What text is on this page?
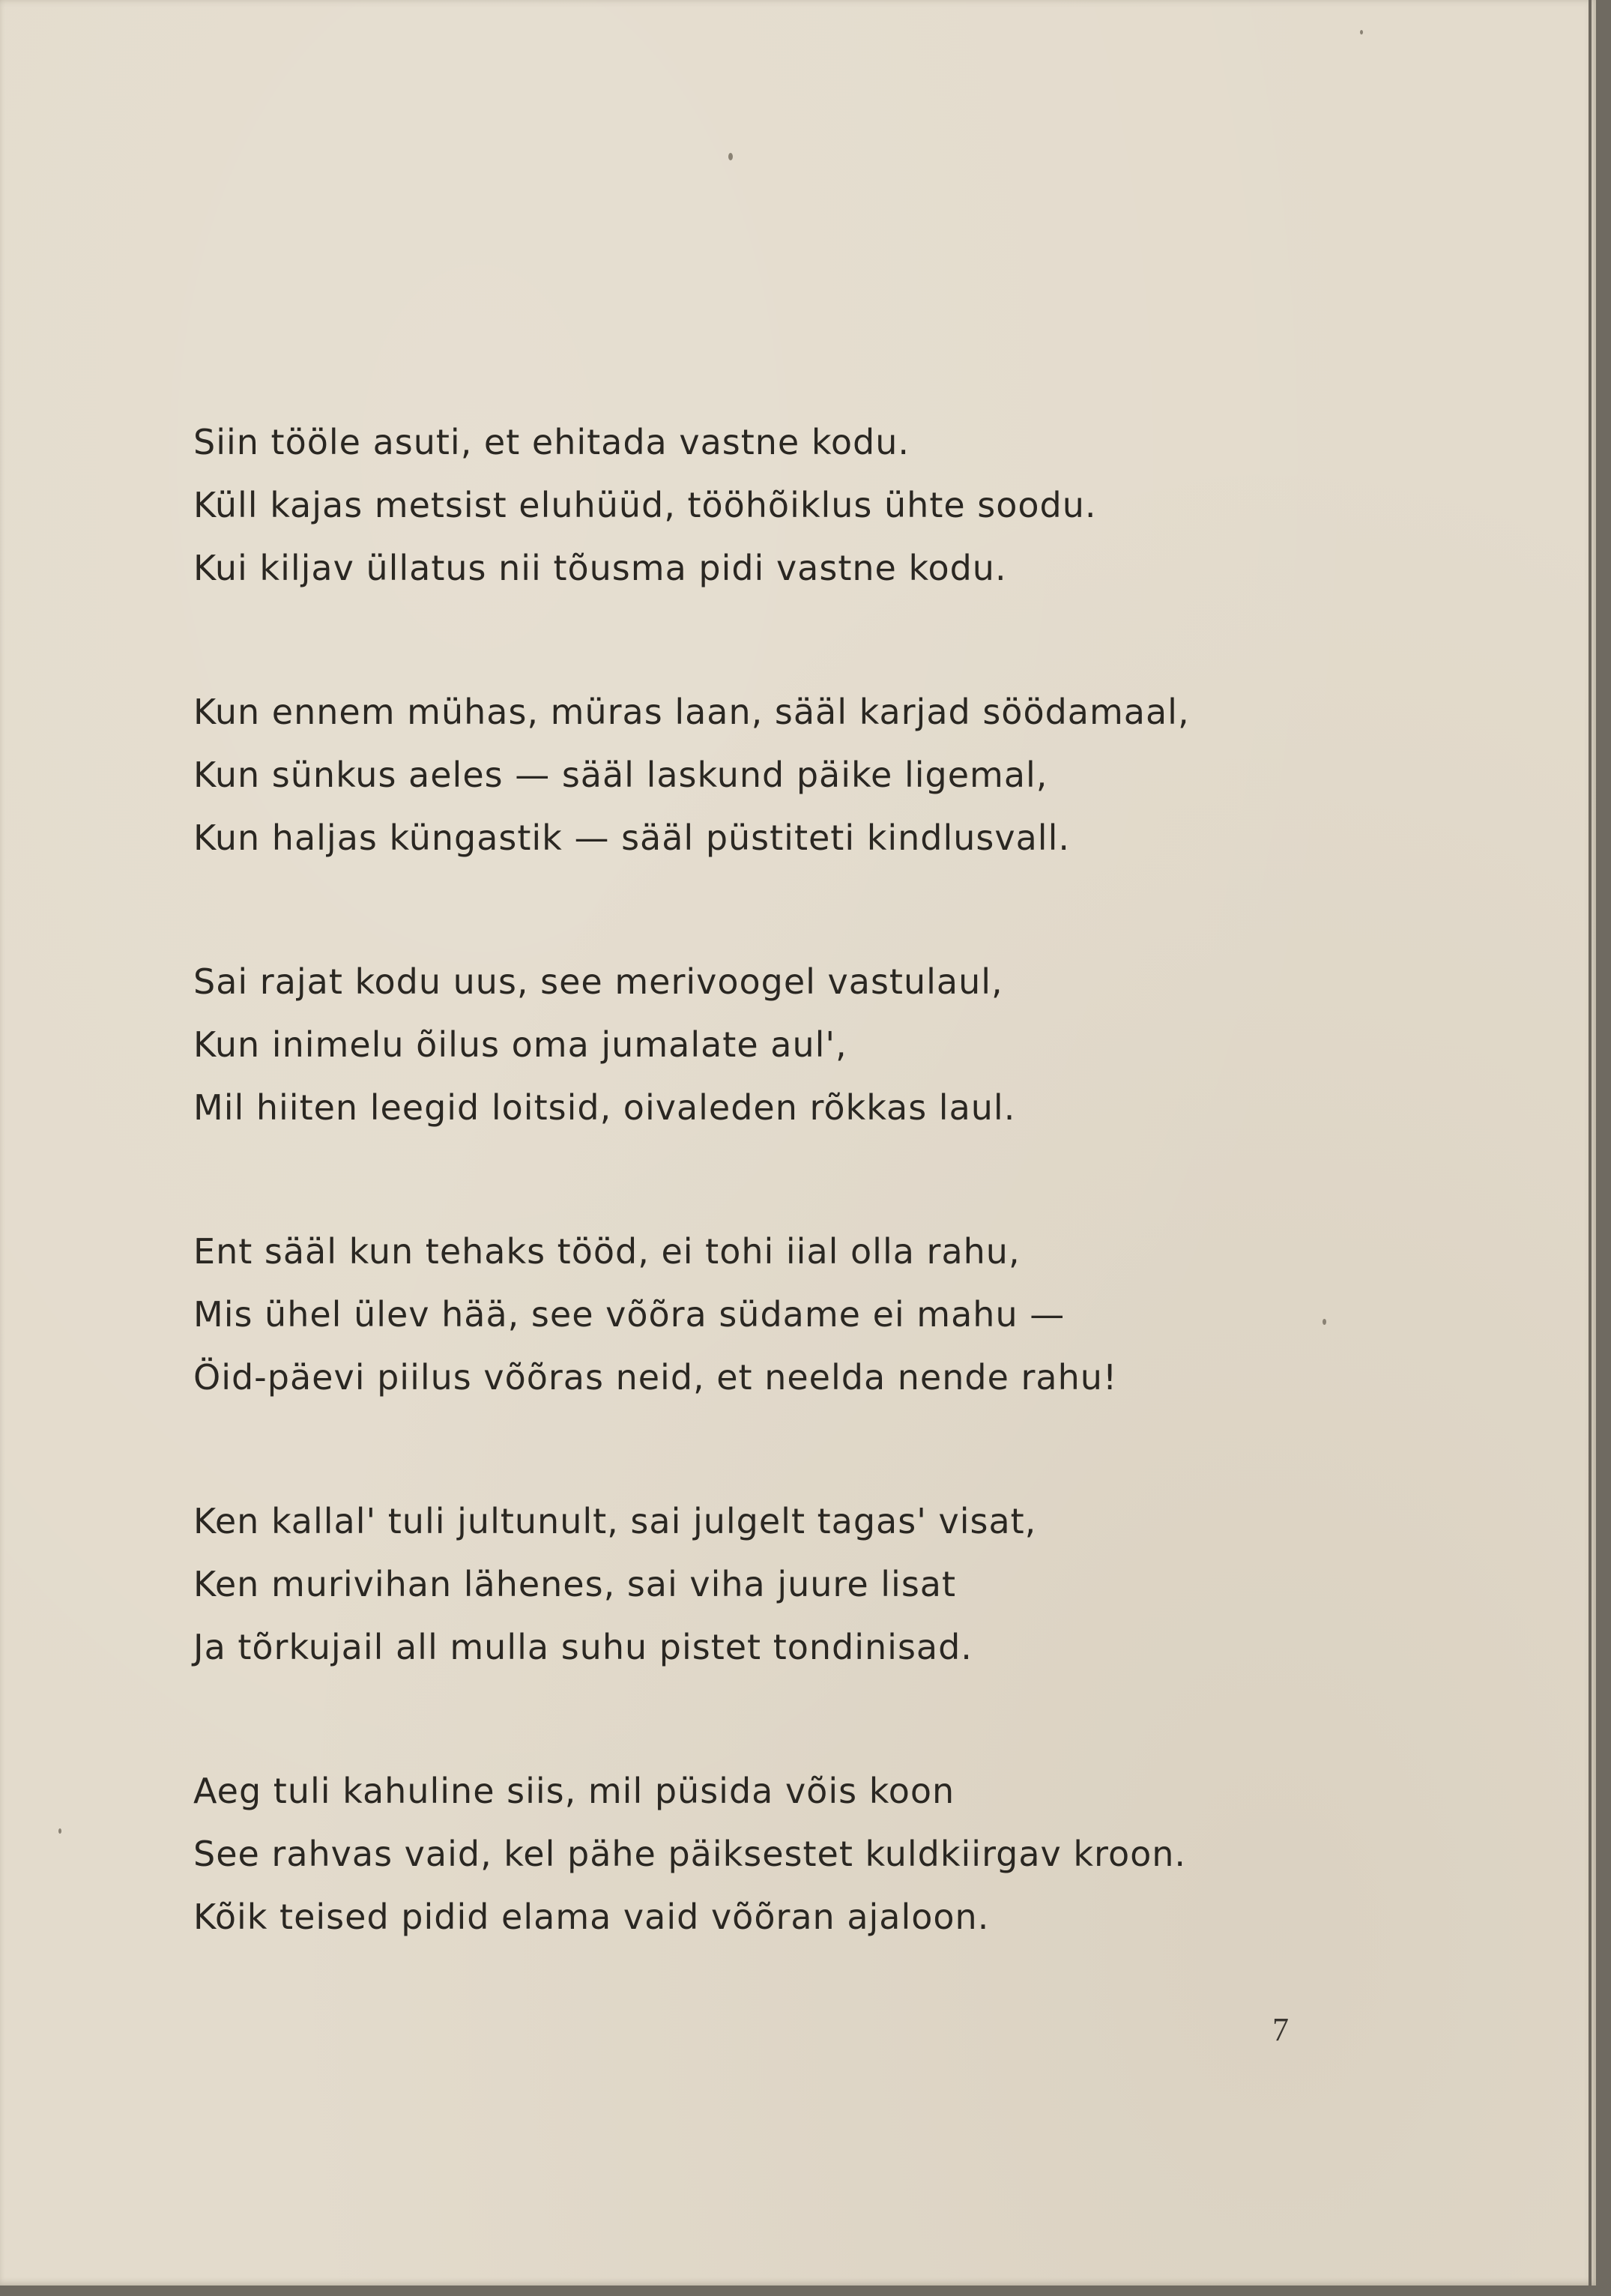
Siin tööle asuti, et ehitada vastne kodu.
Küll kajas metsist eluhüüd, tööhõiklus ühte soodu.
Kui kiljav üllatus nii tõusma pidi vastne kodu.
Kun ennem mühas, müras laan, sääl karjad söödamaal,
Kun sünkus aeles — sääl laskund päike ligemal,
Kun haljas küngastik — sääl püstiteti kindlusvall.
Sai rajat kodu uus, see merivoogel vastulaul,
Kun inimelu õilus oma jumalate aul',
Mil hiiten leegid loitsid, oivaleden rõkkas laul.
Ent sääl kun tehaks tööd, ei tohi iial olla rahu,
Mis ühel ülev hää, see võõra südame ei mahu —
Öid-päevi piilus võõras neid, et neelda nende rahu!
Ken kallal' tuli jultunult, sai julgelt tagas' visat,
Ken murivihan lähenes, sai viha juure lisat
Ja tõrkujail all mulla suhu pistet tondinisad.
Aeg tuli kahuline siis, mil püsida võis koon
See rahvas vaid, kel pähe päiksestet kuldkiirgav kroon.
Kõik teised pidid elama vaid võõran ajaloon.
7
